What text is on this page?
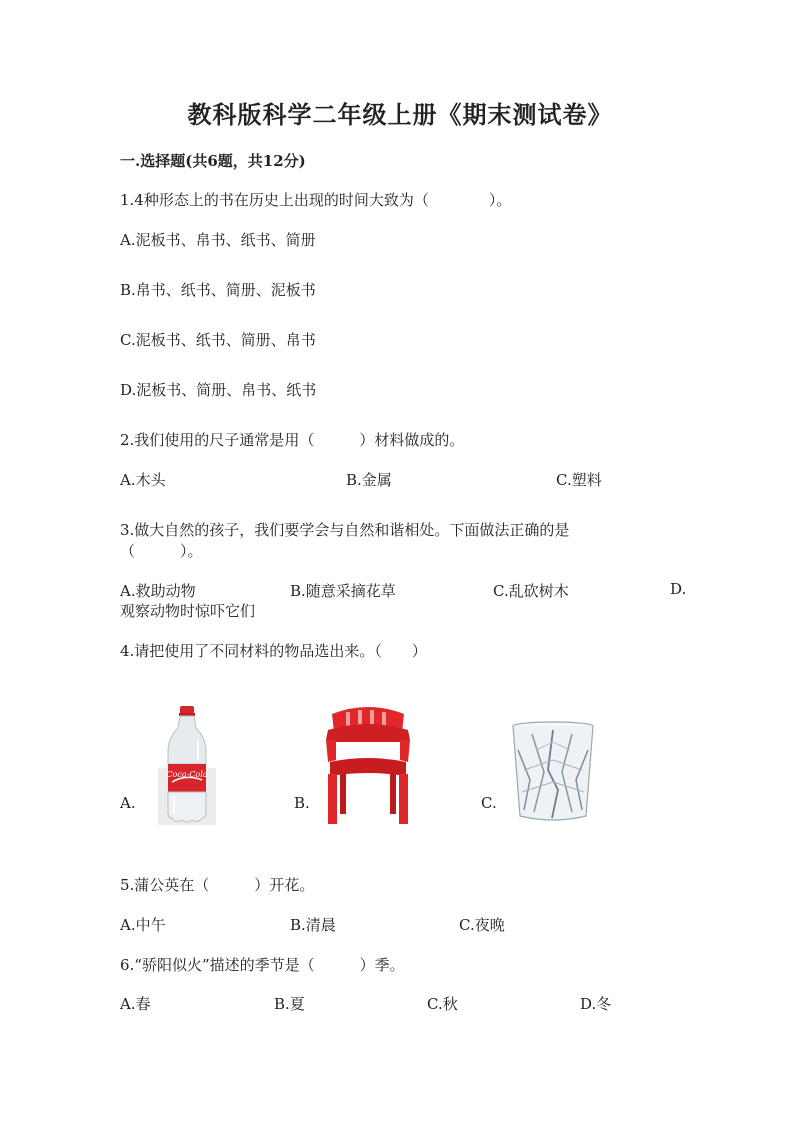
教科版科学二年级上册《期末测试卷》
一.选择题(共6题，共12分)
1.4种形态上的书在历史上出现的时间大致为（　　　　）。
A.泥板书、帛书、纸书、简册
B.帛书、纸书、简册、泥板书
C.泥板书、纸书、简册、帛书
D.泥板书、简册、帛书、纸书
2.我们使用的尺子通常是用（　　　）材料做成的。
A.木头	B.金属	C.塑料
3.做大自然的孩子，我们要学会与自然和谐相处。下面做法正确的是
（　　　）。
A.救助动物	B.随意采摘花草	C.乱砍树木	D.
观察动物时惊吓它们
4.请把使用了不同材料的物品选出来。（　　）
A.	B.	C.
Coca-Cola
5.蒲公英在（　　　）开花。
A.中午	B.清晨	C.夜晚
6.“骄阳似火”描述的季节是（　　　）季。
A.春	B.夏	C.秋	D.冬
